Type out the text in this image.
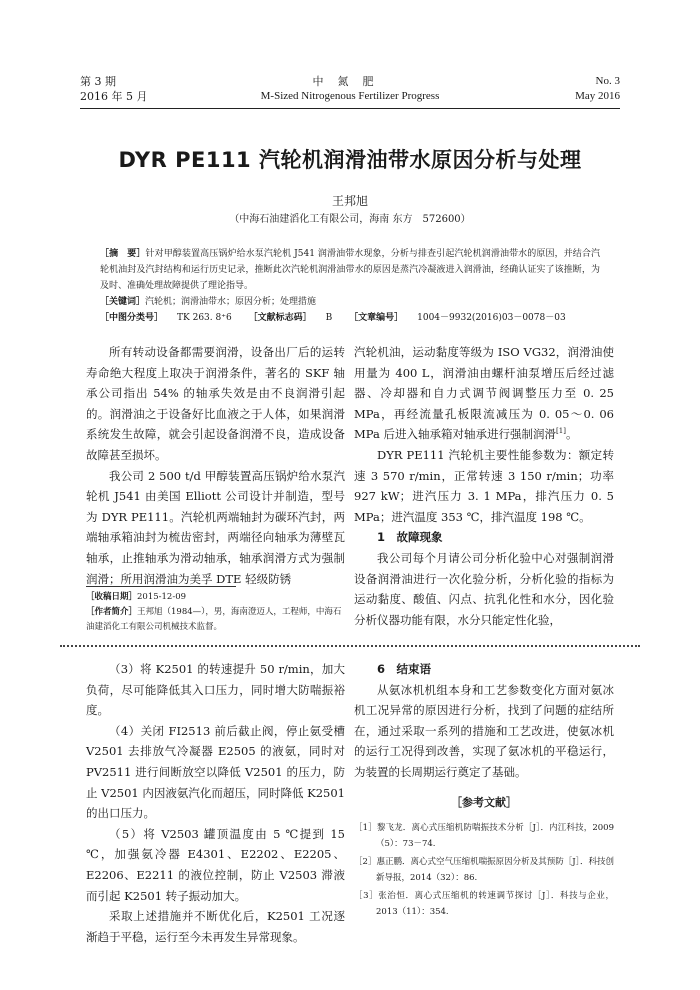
第 3 期
2016 年 5 月
中氮肥
M-Sized Nitrogenous Fertilizer Progress
No. 3
May 2016
DYR PE111 汽轮机润滑油带水原因分析与处理
王邦旭
（中海石油建滔化工有限公司，海南 东方　572600）

［摘　要］针对甲醇装置高压锅炉给水泵汽轮机 J541 润滑油带水现象，分析与排查引起汽轮机润滑油带水的原因，并结合汽轮机油封及汽封结构和运行历史记录，推断此次汽轮机润滑油带水的原因是蒸汽冷凝液进入润滑油，经确认证实了该推断，为及时、准确处理故障提供了理论指导。

［关键词］汽轮机；润滑油带水；原因分析；处理措施

［中图分类号］ TK 263. 8⁺6 ［文献标志码］ B ［文章编号］ 1004－9932(2016)03－0078－03

所有转动设备都需要润滑，设备出厂后的运转寿命绝大程度上取决于润滑条件，著名的 SKF 轴承公司指出 54% 的轴承失效是由不良润滑引起的。润滑油之于设备好比血液之于人体，如果润滑系统发生故障，就会引起设备润滑不良，造成设备故障甚至损坏。

我公司 2 500 t/d 甲醇装置高压锅炉给水泵汽轮机 J541 由美国 Elliott 公司设计并制造，型号为 DYR PE111。汽轮机两端轴封为碳环汽封，两端轴承箱油封为梳齿密封，两端径向轴承为薄壁瓦轴承，止推轴承为滑动轴承，轴承润滑方式为强制润滑；所用润滑油为美孚 DTE 轻级防锈

汽轮机油，运动黏度等级为 ISO VG32，润滑油使用量为 400 L，润滑油由螺杆油泵增压后经过滤器、冷却器和自力式调节阀调整压力至 0. 25 MPa，再经流量孔板限流减压为 0. 05～0. 06 MPa 后进入轴承箱对轴承进行强制润滑[1]。

DYR PE111 汽轮机主要性能参数为：额定转速 3 570 r/min，正常转速 3 150 r/min；功率 927 kW；进汽压力 3. 1 MPa，排汽压力 0. 5 MPa；进汽温度 353 ℃，排汽温度 198 ℃。

1　故障现象

我公司每个月请公司分析化验中心对强制润滑设备润滑油进行一次化验分析，分析化验的指标为运动黏度、酸值、闪点、抗乳化性和水分，因化验分析仪器功能有限，水分只能定性化验，

［收稿日期］2015-12-09

［作者简介］王邦旭（1984—），男，海南澄迈人，工程师，中海石油建滔化工有限公司机械技术监督。

（3）将 K2501 的转速提升 50 r/min，加大负荷，尽可能降低其入口压力，同时增大防喘振裕度。

（4）关闭 FI2513 前后截止阀，停止氨受槽 V2501 去排放气冷凝器 E2505 的液氨，同时对 PV2511 进行间断放空以降低 V2501 的压力，防止 V2501 内因液氨汽化而超压，同时降低 K2501 的出口压力。

（5）将 V2503 罐顶温度由 5 ℃提到 15 ℃，加强氨冷器 E4301、E2202、E2205、E2206、E2211 的液位控制，防止 V2503 滞液而引起 K2501 转子振动加大。

采取上述措施并不断优化后，K2501 工况逐渐趋于平稳，运行至今未再发生异常现象。

6　结束语

从氨冰机机组本身和工艺参数变化方面对氨冰机工况异常的原因进行分析，找到了问题的症结所在，通过采取一系列的措施和工艺改进，使氨冰机的运行工况得到改善，实现了氨冰机的平稳运行，为装置的长周期运行奠定了基础。

［参考文献］

［1］黎飞龙．离心式压缩机防喘振技术分析［J］．内江科技，2009（5）：73－74.

［2］惠正鹏．离心式空气压缩机喘振原因分析及其预防［J］．科技创新导报，2014（32）：86.

［3］张治恒．离心式压缩机的转速调节探讨［J］．科技与企业，2013（11）：354.
